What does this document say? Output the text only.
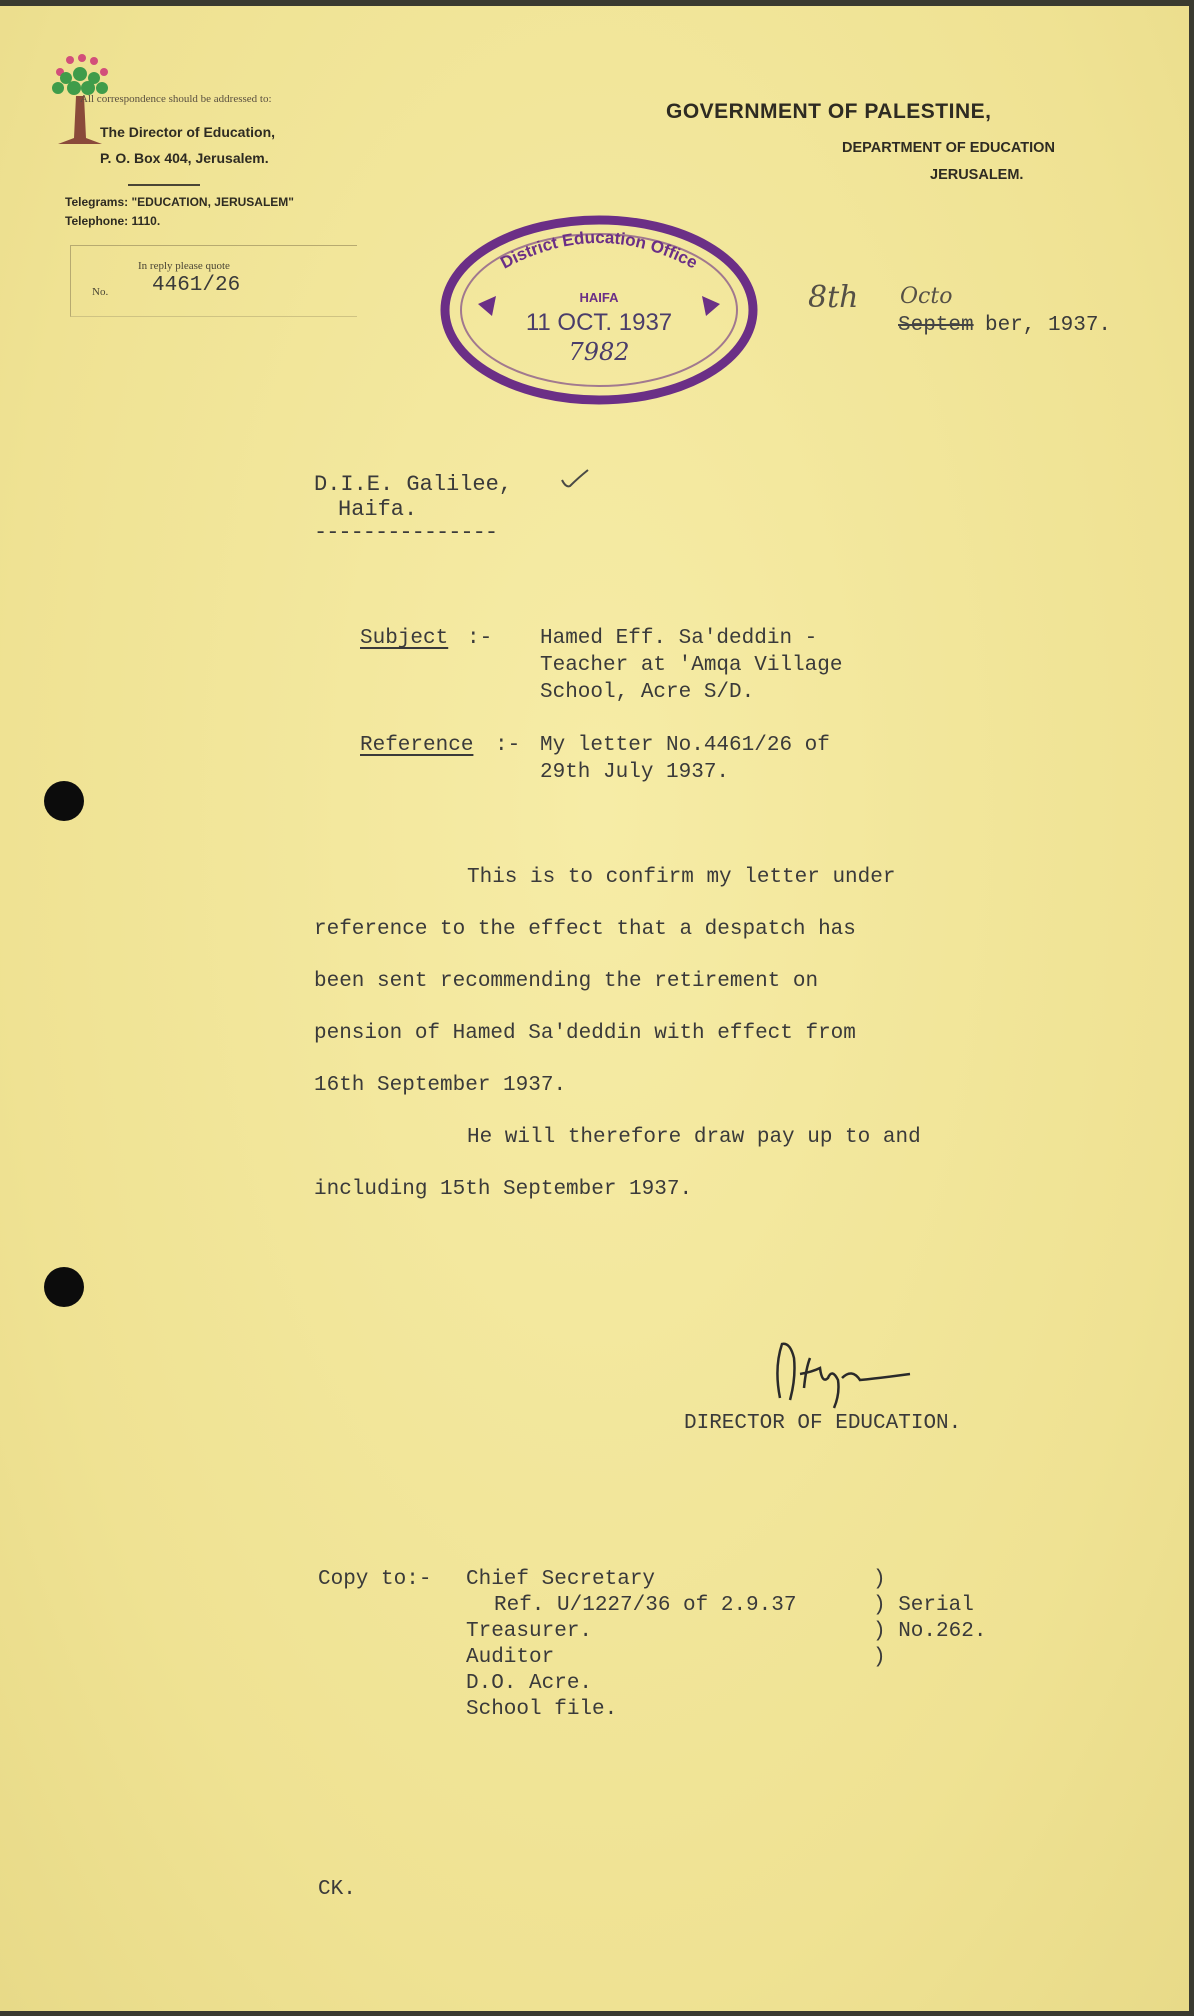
All correspondence should be addressed to:
The Director of Education,
P. O. Box 404, Jerusalem.
Telegrams: "EDUCATION, JERUSALEM"
Telephone: 1110.
In reply please quote
No. 4461/26
GOVERNMENT OF PALESTINE,
DEPARTMENT OF EDUCATION
JERUSALEM.
District Education Office
HAIFA
11 OCT. 1937
7982
8th Octo
Septem ber, 1937.
D.I.E. Galilee,
Haifa.
---------------
Subject :- Hamed Eff. Sa'deddin -
Teacher at 'Amqa Village
School, Acre S/D.
Reference :- My letter No.4461/26 of
29th July 1937.
This is to confirm my letter under
reference to the effect that a despatch has
been sent recommending the retirement on
pension of Hamed Sa'deddin with effect from
16th September 1937.
He will therefore draw pay up to and
including 15th September 1937.
DIRECTOR OF EDUCATION.
Copy to:- Chief Secretary
Ref. U/1227/36 of 2.9.37
Treasurer.
Auditor
D.O. Acre.
School file.
)
) Serial
) No.262.
)
CK.
